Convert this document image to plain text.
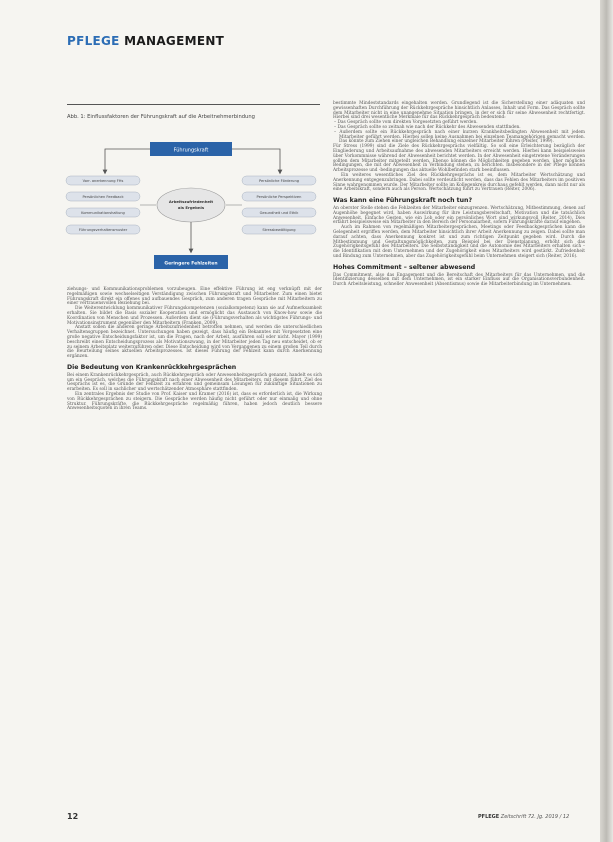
PFLEGE MANAGEMENT
Abb. 1: Einflussfaktoren der Führungskraft auf die Arbeitnehmerbindung
Führungskraft
Vorr. anerkennung FHs
Persönlichen Feedback
Kommunikationshaltung
Führungsverhaltensmuster
Persönliche Förderung
Persönliche Perspektiven
Gesundheit und Ethik
Stressbewältigung
Arbeitszufriedenheit
als Ergebnis
Geringere Fehlzeiten

ziehungs- und Kommunikationsproblemen vorzubeugen. Eine effektive Führung ist eng verknüpft mit der regelmäßigen sowie wechselseitigen Verständigung zwischen Führungskraft und Mitarbeiter. Zum einen bietet Führungskraft direkt ein offenes und aufbauendes Gespräch, zum anderen tragen Gespräche mit Mitarbeitern zu einer vertrauensvollen Beziehung bei.

Die Weiterentwicklung kommunikativer Führungskompetenzen (sozialkompetenz) kann sie auf Aufmerksamkeit erhalten. Sie bildet die Basis sozialer Kooperation und ermöglicht das Austausch von Know-how sowie die Koordination von Menschen und Prozessen. Außerdem dient sie (Führungsverhalten als wichtigstes Führungs- und Motivationsinstrument gegenüber den Mitarbeitern (Franken, 2009).

Anstatt sollen die anderen geringe Arbeitszufriedenheit betroffen nehmen, und werden die unterschiedlichen Verhaltensgruppen bezeichnet. Untersuchungen haben gezeigt, dass häufig ein Bekanntes mit Vorgesetzten eine große negative Entscheidungsfaktor ist, um die Fragen, nach der Arbeit, ausführen soll oder nicht. Mayer (1999) beschreibt einen Entscheidungsprozess als Motivationszwang, in der Mitarbeiter jeden Tag neu entscheidet, ob er zu seinem Arbeitsplatz weiterzuführen oder. Diese Entscheidung wird von Vergangenen zu einem großen Teil durch die Beurteilung seines aktuellen Arbeitsprozesses. Ist dieses Führung der Fehlzeit kann durch Anerkennung ergänzen.

Die Bedeutung von Krankenrückkehrgesprächen

Bei einem Krankenrückkehrgespräch, auch Rückkehrgespräch oder Anwesenheitsgespräch genannt, handelt es sich um ein Gespräch, welches die Führungskraft nach einer Abwesenheit des Mitarbeiters, mit diesem führt. Ziel des Gesprächs ist es, die Gründe der Fehlzeit zu erfahren und gemeinsam Lösungen für zukünftige Situationen zu erarbeiten. Es soll in sachlicher und wertschätzender Atmosphäre stattfinden.

Ein zentrales Ergebnis der Studie von Prof. Kaiser und Kramer (2016) ist, dass es erforderlich ist, die Wirkung von Rückkehrgesprächen zu steigern. Die Gespräche werden häufig nicht geführt oder nur einmalig und ohne Struktur. Führungskräfte, die Rückkehrgespräche regelmäßig führen, haben jedoch deutlich bessere Anwesenheitsquoten in ihren Teams.

bestimmte Mindeststandards eingehalten werden. Grundlegend ist die Sicherstellung einer adäquaten und gewissenhaften Durchführung der Rückkehrgespräche hinsichtlich Anlasses, Inhalt und Form. Das Gespräch sollte dem Mitarbeiter nicht in eine unangenehme Situation bringen, in der er sich für seine Abwesenheit rechtfertigt. Hierbei sind drei wesentliche Merkmale für das Rückkehrgespräch bedeutend:

– Das Gespräch sollte vom direkten Vorgesetzten geführt werden.

– Das Gespräch sollte so zeitnah wie nach der Rückkehr des Abwesenden stattfinden.

– Außerdem sollte ein Rückkehrgespräch nach einer kurzen Krankheitsbedingten Abwesenheit mit jedem Mitarbeiter geführt werden. Hierbei sollen keine Ausnahmen bei einzelnen Teamangehörigen gemacht werden. Das könnte zum Ziehen einer ungleichen Behandlung einzelner Mitarbeiter führen (Pfeifer, 1999).

Für Stress (1999) sind die Ziele des Rückkehrgesprächs vielfältig. So soll eine Erleichterung bezüglich der Eingliederung und Arbeitsaufnahme des abwesenden Mitarbeiters erreicht werden. Hierbei kann beispielsweise über Vorkommnisse während der Abwesenheit berichtet werden. In der Abwesenheit eingetretene Veränderungen sollten dem Mitarbeiter mitgeteilt werden. Ebenso können die Möglichkeiten gegeben werden, über mögliche Bedingungen, die mit der Abwesenheit in Verbindung stehen, zu berichten. Insbesondere in der Pflege können Arbeitsprozesse und -bedingungen das aktuelle Wohlbefinden stark beeinflussen.

Ein weiteres wesentliches Ziel des Rückkehrgesprächs ist es, dem Mitarbeiter Wertschätzung und Anerkennung entgegenzubringen. Dabei sollte verdeutlicht werden, dass das Fehlen des Mitarbeiters im positiven Sinne wahrgenommen wurde. Der Mitarbeiter sollte im Kollegenkreis durchaus gefehlt werden, dann nicht nur als eine Arbeitskraft, sondern auch als Person. Wertschätzung führt zu Vertrauen (Reiter, 2006).

Was kann eine Führungskraft noch tun?

An oberster Stelle stehen die Fehlzeiten der Mitarbeiter einzugrenzen. Wertschätzung, Mitbestimmung, denen auf Augenhöhe begegnet wird, haben Auswirkung für ihre Leistungsbereitschaft, Motivation und die tatsächlich Anwesenheit. Einfache Gesten, wie ein Lob oder ein persönliches Wort sind wirkungsvoll (Reiter, 2014). Dies erfährt beispielsweise ein Mitarbeiter in den Bereich der Personalarbeit, sofern Führungskräfte darauf eingehen.

Auch im Rahmen von regelmäßigen Mitarbeitergesprächen, Meetings oder Feedbackgesprächen kann die Gelegenheit ergriffen werden, dem Mitarbeiter hinsichtlich ihrer Arbeit Anerkennung zu zeigen. Dabei sollte man darauf achten, dass Anerkennung konkret ist und zum richtigen Zeitpunkt gegeben wird. Durch die Mitbestimmung und Gestaltungsmöglichkeiten, zum Beispiel bei der Dienstplanung, erhöht sich das Zugehörigkeitsgefühl des Mitarbeiters. Die Selbstständigkeit und die Autonomie des Mitarbeiters erhalten sich – die Identifikation mit dem Unternehmen und der Zugehörigkeit eines Mitarbeiters wird gestärkt. Zufriedenheit und Bindung zum Unternehmen, aber das Zugehörigkeitsgefühl beim Unternehmen steigert sich (Reiter, 2016).

Hohes Commitment – seltener abwesend

Das Commitment, also das Engagement und die Bereitschaft des Mitarbeiters für das Unternehmen, und die Identifizierung desselben mit dem Unternehmen, ist ein starker Einfluss auf die Organisationsverbundenheit. Durch Arbeitsleistung, schneller Anwesenheit (Absentismus) sowie die Mitarbeiterbindung im Unternehmen.

12	PFLEGE Zeitschrift 72. Jg. 2019 / 12
